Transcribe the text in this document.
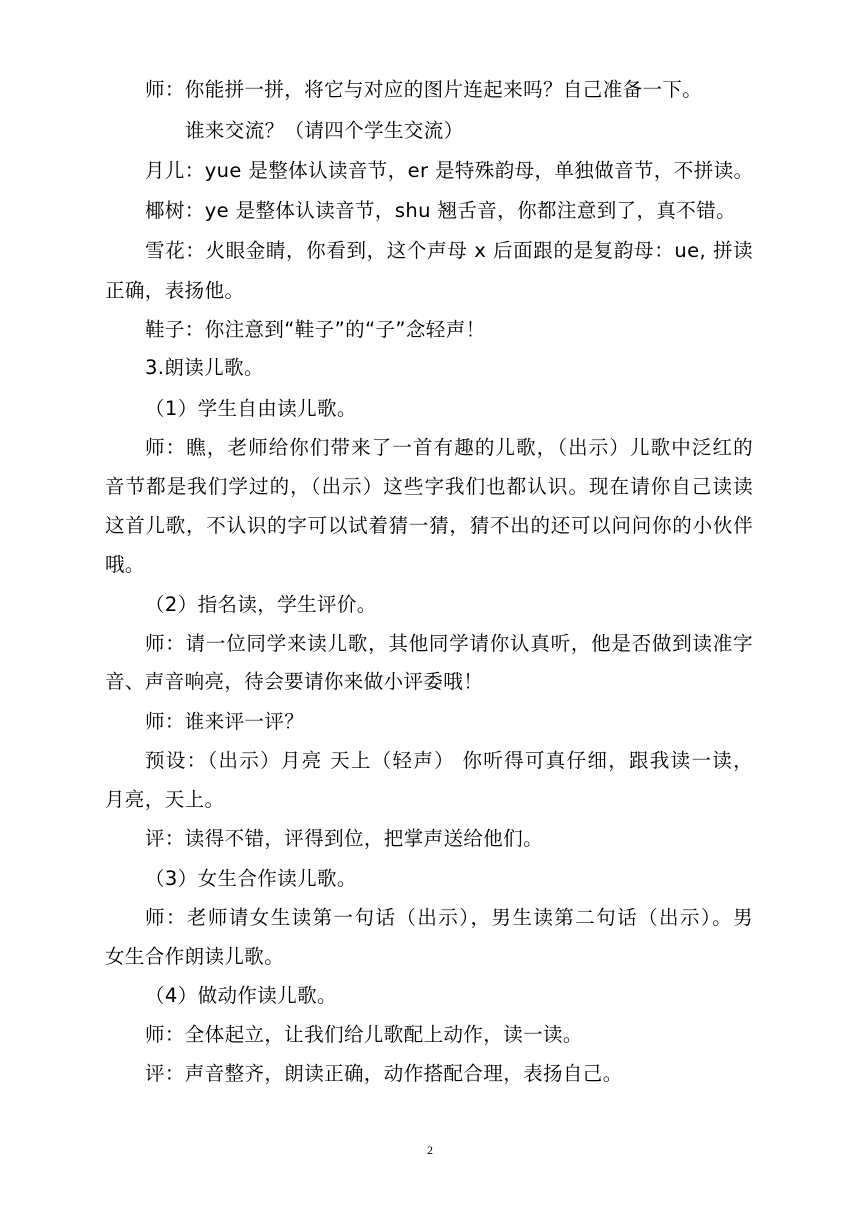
师：你能拼一拼，将它与对应的图片连起来吗？自己准备一下。
谁来交流？（请四个学生交流）
月儿：yue 是整体认读音节，er 是特殊韵母，单独做音节，不拼读。
椰树：ye 是整体认读音节，shu 翘舌音，你都注意到了，真不错。
雪花：火眼金睛，你看到，这个声母 x 后面跟的是复韵母：ue, 拼读
正确，表扬他。
鞋子：你注意到“鞋子”的“子”念轻声！
3.朗读儿歌。
（1）学生自由读儿歌。
师：瞧，老师给你们带来了一首有趣的儿歌，（出示）儿歌中泛红的
音节都是我们学过的，（出示）这些字我们也都认识。现在请你自己读读
这首儿歌，不认识的字可以试着猜一猜，猜不出的还可以问问你的小伙伴
哦。
（2）指名读，学生评价。
师：请一位同学来读儿歌，其他同学请你认真听，他是否做到读准字
音、声音响亮，待会要请你来做小评委哦！
师：谁来评一评？
预设：（出示）月亮 天上（轻声） 你听得可真仔细，跟我读一读，
月亮，天上。
评：读得不错，评得到位，把掌声送给他们。
（3）女生合作读儿歌。
师：老师请女生读第一句话（出示），男生读第二句话（出示）。男
女生合作朗读儿歌。
（4）做动作读儿歌。
师：全体起立，让我们给儿歌配上动作，读一读。
评：声音整齐，朗读正确，动作搭配合理，表扬自己。
2
